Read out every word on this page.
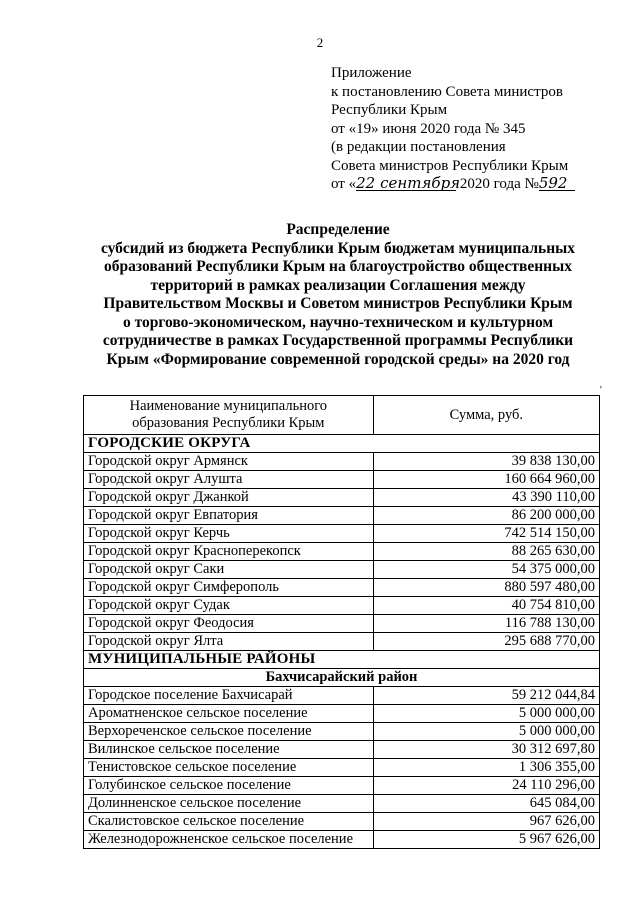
2
Приложение
к постановлению Совета министров
Республики Крым
от «19» июня 2020 года № 345
(в редакции постановления
Совета министров Республики Крым
от «22 сентября 2020 года №592
Распределение
субсидий из бюджета Республики Крым бюджетам муниципальных
образований Республики Крым на благоустройство общественных
территорий в рамках реализации Соглашения между
Правительством Москвы и Советом министров Республики Крым
о торгово-экономическом, научно-техническом и культурном
сотрудничестве в рамках Государственной программы Республики
Крым «Формирование современной городской среды» на 2020 год
'
Наименование муниципального
образования Республики Крым	Сумма, руб.
ГОРОДСКИЕ ОКРУГА	
Городской округ Армянск	39 838 130,00
Городской округ Алушта	160 664 960,00
Городской округ Джанкой	43 390 110,00
Городской округ Евпатория	86 200 000,00
Городской округ Керчь	742 514 150,00
Городской округ Красноперекопск	88 265 630,00
Городской округ Саки	54 375 000,00
Городской округ Симферополь	880 597 480,00
Городской округ Судак	40 754 810,00
Городской округ Феодосия	116 788 130,00
Городской округ Ялта	295 688 770,00
МУНИЦИПАЛЬНЫЕ РАЙОНЫ	
Бахчисарайский район	
Городское поселение Бахчисарай	59 212 044,84
Ароматненское сельское поселение	5 000 000,00
Верхореченское сельское поселение	5 000 000,00
Вилинское сельское поселение	30 312 697,80
Тенистовское сельское поселение	1 306 355,00
Голубинское сельское поселение	24 110 296,00
Долинненское сельское поселение	645 084,00
Скалистовское сельское поселение	967 626,00
Железнодорожненское сельское поселение	5 967 626,00
